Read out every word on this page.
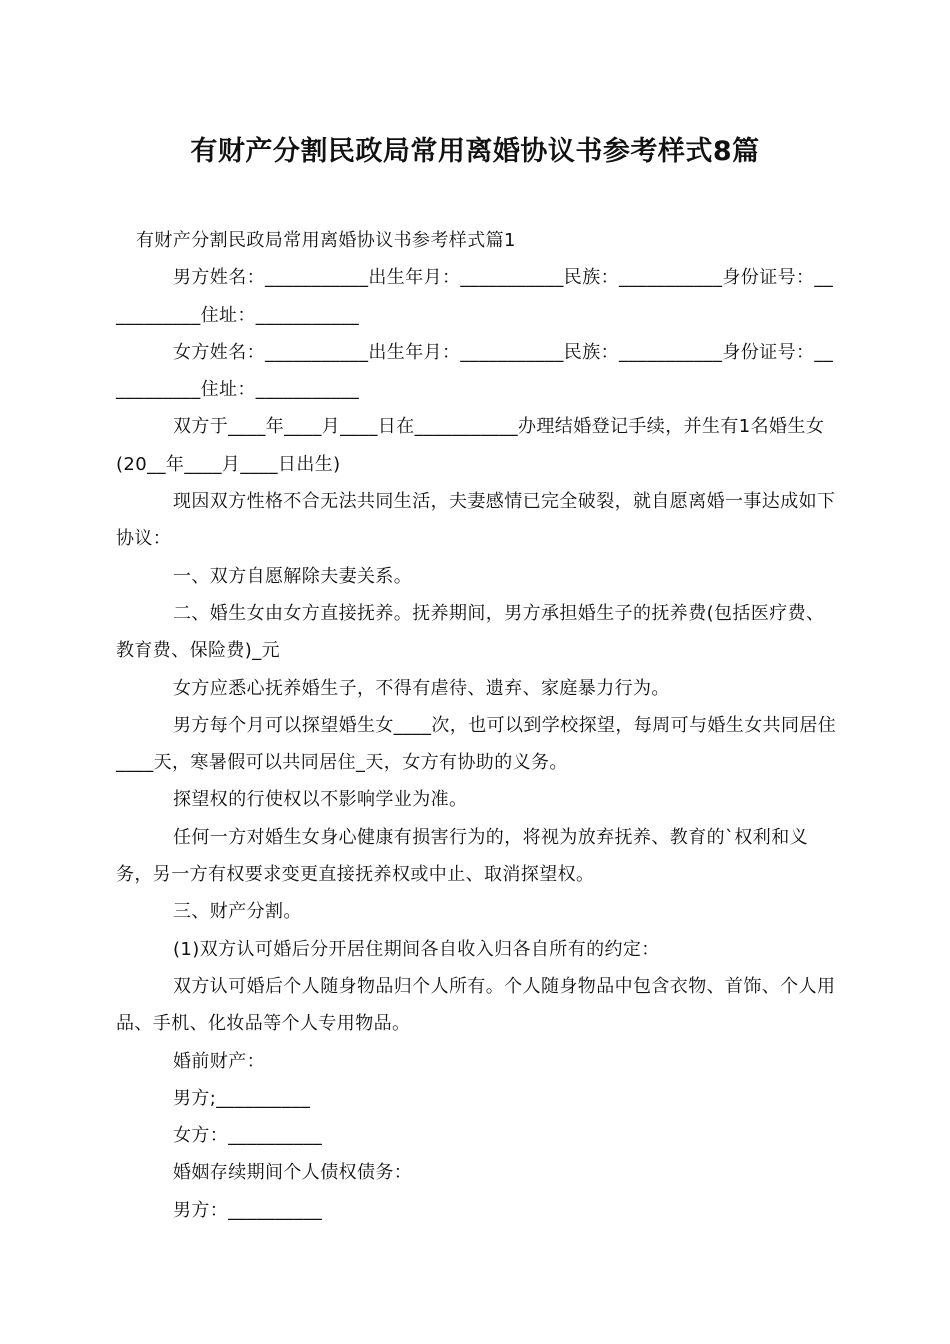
有财产分割民政局常用离婚协议书参考样式8篇

有财产分割民政局常用离婚协议书参考样式篇1

男方姓名：___________出生年月：___________民族：___________身份证号：___________住址：___________

女方姓名：___________出生年月：___________民族：___________身份证号：___________住址：___________

双方于____年____月____日在___________办理结婚登记手续，并生有1名婚生女(20__年____月____日出生)

现因双方性格不合无法共同生活，夫妻感情已完全破裂，就自愿离婚一事达成如下协议：

一、双方自愿解除夫妻关系。

二、婚生女由女方直接抚养。抚养期间，男方承担婚生子的抚养费(包括医疗费、教育费、保险费)_元

女方应悉心抚养婚生子，不得有虐待、遗弃、家庭暴力行为。

男方每个月可以探望婚生女____次，也可以到学校探望，每周可与婚生女共同居住____天，寒暑假可以共同居住_天，女方有协助的义务。

探望权的行使权以不影响学业为准。

任何一方对婚生女身心健康有损害行为的，将视为放弃抚养、教育的`权利和义务，另一方有权要求变更直接抚养权或中止、取消探望权。

三、财产分割。

(1)双方认可婚后分开居住期间各自收入归各自所有的约定：

双方认可婚后个人随身物品归个人所有。个人随身物品中包含衣物、首饰、个人用品、手机、化妆品等个人专用物品。

婚前财产：

男方;__________

女方：__________

婚姻存续期间个人债权债务：

男方：__________
